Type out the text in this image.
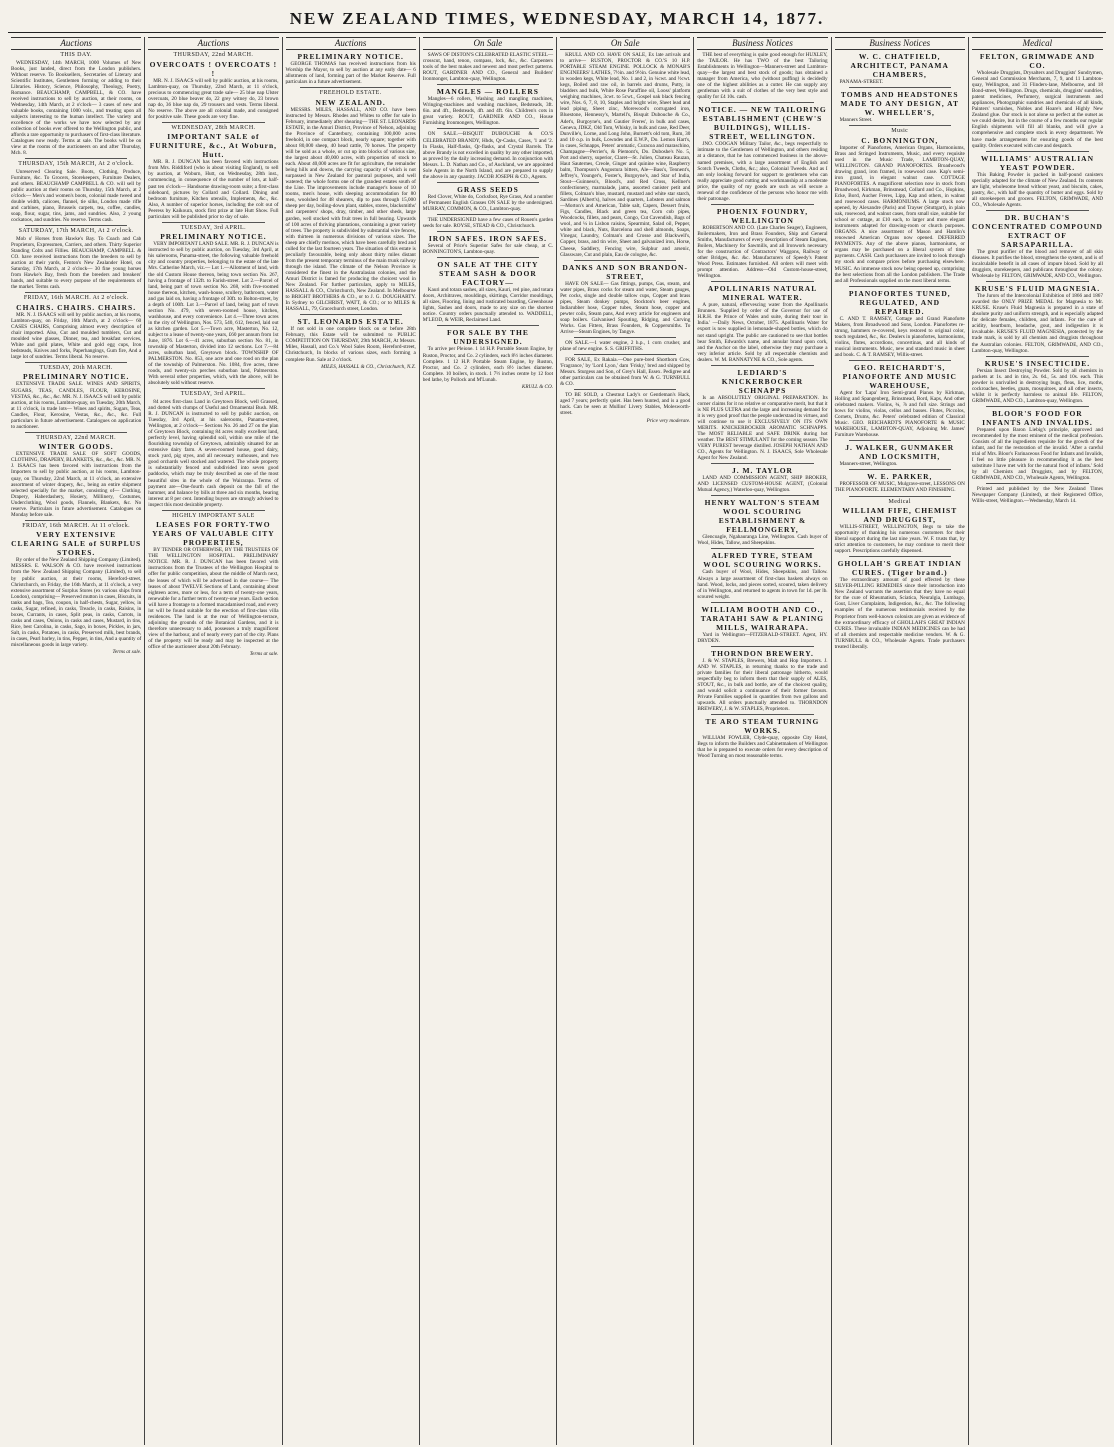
NEW ZEALAND TIMES, WEDNESDAY, MARCH 14, 1877.
Auctions
THIS DAY.

WEDNESDAY, 14th MARCH, 1000 Volumes of New Books, just landed, direct from the London publishers. Without reserve. To Booksellers, Secretaries of Literary and Scientific Institutes, Gentlemen forming or adding to their Libraries. History, Science, Philosophy, Theology, Poetry, Romance. BEAUCHAMP, CAMPBELL, & CO. have received instructions to sell by auction, at their rooms, on Wednesday, 14th March, at 2 o'clock— 3 cases of new and valuable books, containing 1000 vols., and treating upon all subjects interesting to the human intellect. The variety and excellence of the works we have now selected by any collection of books ever offered to the Wellington public, and affords a rare opportunity to purchasers of first-class literature. Catalogues now ready. Terms at sale. The books will be on view at the rooms of the auctioneers on and after Thursday, Mch. 8.

THURSDAY, 15th MARCH, At 2 o'clock.

Unreserved Clearing Sale. Boots, Clothing, Produce, Furniture, &c. To Grocers, Storekeepers, Furniture Dealers, and others. BEAUCHAMP CAMPBELL & CO. will sell by public auction at their rooms on Thursday, 15th March, at 2 o'clock— Men's and women's boots, colonial made tweed and double width, calicoes, flannel, tie silks, London made rifle and carbines, piano, Brussels carpets, tea, coffee, candles, soap, flour, sugar, tins, jams, and sundries. Also, 2 young cockatoos, and sundries. No reserve. Terms cash.

SATURDAY, 17th MARCH, At 2 o'clock.

Mob o' Horses from Hawke's Bay. To Coach and Cab Proprietors, Expressmen, Carriers, and others. Thirty Superior Standing Colts and Fillies. BEAUCHAMP, CAMPBELL & CO. have received instructions from the breeders to sell by auction at their yards, Fenton's New Zealander Hotel, on Saturday, 17th March, at 2 o'clock— 30 fine young horses from Hawke's Bay, fresh from the breeders and breakers' hands, and suitable to every purpose of the requirements of the market. Terms cash.

FRIDAY, 16th MARCH. At 2 o'clock.
CHAIRS. CHAIRS. CHAIRS.

MR. N. J. ISAACS will sell by public auction, at his rooms, Lambton-quay, on Friday, 16th March, at 2 o'clock— 60 CASES CHAIRS, Comprising almost every description of chair imported. Also, Cut and moulded tumblers, Cut and moulded wine glasses, Dinner, tea, and breakfast services, White and gold plates, White and gold egg cups, Iron bedsteads, Knives and forks, Paperhangings, Gum fire, And a large lot of sundries. Terms liberal. No reserve.

TUESDAY, 20th MARCH.
PRELIMINARY NOTICE.

EXTENSIVE TRADE SALE. WINES AND SPIRITS, SUGARS, TEAS, CANDLES, FLOUR, KEROSINE, VESTAS, &c., &c., &c. MR. N. J. ISAACS will sell by public auction, at his rooms, Lambton-quay, on Tuesday, 20th March, at 11 o'clock, in trade lots— Wines and spirits, Sugars, Teas, Candles, Flour, Kerosine, Vestas, &c., &c., &c. Full particulars in future advertisement. Catalogues on application to auctioneer.

THURSDAY, 22nd MARCH.
WINTER GOODS.

EXTENSIVE TRADE SALE OF SOFT GOODS, CLOTHING, DRAPERY, BLANKETS, &c., &c., &c. MR. N. J. ISAACS has been favored with instructions from the Importers to sell by public auction, at his rooms, Lambton-quay, on Thursday, 22nd March, at 11 o'clock, an extensive assortment of winter drapery, &c., being an entire shipment selected specially for the market, consisting of— Clothing, Drapery, Haberdashery, Hosiery, Millinery, Costumes, Underclothing, Wool goods, Flannels, Blankets, &c. No reserve. Particulars in future advertisement. Catalogues on Monday before sale.

FRIDAY, 16th MARCH. At 11 o'clock.
VERY EXTENSIVE CLEARING SALE of SURPLUS STORES.

By order of the New Zealand Shipping Company (Limited). MESSRS. E. WALSON & CO. have received instructions from the New Zealand Shipping Company (Limited), to sell by public auction, at their rooms, Hereford-street, Christchurch, on Friday, the 16th March, at 11 o'clock, a very extensive assortment of Surplus Stores (ex various ships from London), comprising— Preserved mutton in cases, Biscuits, in tanks and bags, Tea, coupon, in half-chests, Sugar, yellow, in casks, Sugar, refined, in casks, Treacle, in casks, Raisins, in boxes, Currants, in cases, Split peas, in casks, Carrots, in casks and cases, Onions, in casks and cases, Mustard, in tins, Rice, best Carolina, in casks, Sago, in boxes, Pickles, in jars, Salt, in casks, Potatoes, in casks, Preserved milk, best brands, in cases, Pearl barley, in tins, Pepper, in tins, And a quantity of miscellaneous goods in large variety.

Terms at sale.
Auctions
THURSDAY, 22nd MARCH.
OVERCOATS ! OVERCOATS ! !

MR. N. J. ISAACS will sell by public auction, at his rooms, Lambton-quay, on Thursday, 22nd March, at 11 o'clock, precious to commencing great trade sale— 25 blue nap Ulster overcoats, 20 blue beaver do, 22 grey witney do, 23 brown nap do, 36 blue nap do, 29 trousers and vests. Terms liberal. No reserve. The above are all colonial made, and consigned for positive sale. These goods are very fine.

WEDNESDAY, 28th MARCH.
IMPORTANT SALE of FURNITURE, &c., At Woburn, Hutt.

MR. R. J. DUNCAN has been favored with instructions from Mrs. Riddiford (who is about visiting England), to sell by auction, at Woburn, Hutt, on Wednesday, 28th inst., commencing, in consequence of the number of lots, at half-past ten o'clock— Handsome drawing-room suite; a first-class sideboard, pictures by Collard and Collard. Dining and bedroom furniture, Kitchen utensils, Implements, &c., &c. Also, A number of superior horses, including the colt out of Peeress by Kaikoura, stock first prize at late Hutt Show. Full particulars will be published prior to day of sale.

TUESDAY, 3rd APRIL.
PRELIMINARY NOTICE.

VERY IMPORTANT LAND SALE. MR. R. J. DUNCAN is instructed to sell by public auction, on Tuesday, 3rd April, at his salerooms, Panama-street, the following valuable freehold city and country properties, belonging to the estate of the late Mrs. Catherine March, viz.— Lot 1.—Allotment of land, with the old Custom House thereon, being town section No. 267, having a frontage of 132ft. to Farish-street. Lot 2.—Parcel of land, being part of town section No. 268, with five-roomed house thereon, kitchen, wash-house, scullery, bathroom, water and gas laid on, having a frontage of 30ft. to Bolton-street, by a depth of 100ft. Lot 3.—Parcel of land, being part of town section No. 479, with seven-roomed house, kitchen, washhouse, and every convenience. Lot 4.—Three town acres in the city of Wellington, Nos. 573, 540, 612, fenced, laid out as kitchen garden. Lot 5.—Town acre, Masterton, No. 12, subject to a lease of twenty-one years, £60 per annum from 1st June, 1876. Lot 6.—41 acres, suburban section No. 81, in township of Masterton, divided into 12 sections. Lot 7.—84 acres, suburban land, Greytown block. TOWNSHIP OF PALMERSTON. No. 853, one acre and one rood on the plan of the township of Palmerston. No. 1084, five acres, three roods, and twenty-six perches suburban land, Palmerston. With several other properties, which, with the above, will be absolutely sold without reserve.

TUESDAY, 3rd APRIL.

84 acres first-class Land in Greytown Block, well Grassed, and dotted with clumps of Useful and Ornamental Bush. MR. R. J. DUNCAN is instructed to sell by public auction, on Tuesday, 3rd April, at his salerooms, Panama-street, Wellington, at 2 o'clock— Sections No. 26 and 27 on the plan of Greytown Block, containing 84 acres really excellent land, perfectly level, having splendid soil, within one mile of the flourishing township of Greytown, admirably situated for an extensive dairy farm. A seven-roomed house, good dairy, stock yard, pig styes, and all necessary outhouses, and two good orchards well stocked and watered. The whole property is substantially fenced and subdivided into seven good paddocks, which may be truly described as one of the most beautiful sites in the whole of the Wairarapa. Terms of payment are—One-fourth cash deposit on the fall of the hammer, and balance by bills at three and six months, bearing interest at 8 per cent. Intending buyers are strongly advised to inspect this most desirable property.

HIGHLY IMPORTANT SALE
LEASES FOR FORTY-TWO YEARS OF VALUABLE CITY PROPERTIES,

BY TENDER OR OTHERWISE, BY THE TRUSTEES OF THE WELLINGTON HOSPITAL. PRELIMINARY NOTICE. MR. R. J. DUNCAN has been favored with instructions from the Trustees of the Wellington Hospital to offer for public competition, about the middle of March next, the leases of which will be advertised in due course— The leases of about TWELVE Sections of Land, containing about eighteen acres, more or less, for a term of twenty-one years, renewable for a further term of twenty-one years. Each section will have a frontage to a formed macadamised road, and every lot will be found suitable for the erection of first-class villa residences. The land is at the rear of Wellington-terrace, adjoining the grounds of the Botanical Gardens, and it is therefore unnecessary to add, possesses a truly magnificent view of the harbour, and of nearly every part of the city. Plans of the property will be ready and may be inspected at the office of the auctioneer about 20th February.

Terms at sale.
Auctions
PRELIMINARY NOTICE.

GEORGE THOMAS has received instructions from his Worship the Mayor, to sell by auction at any early date— 6 allotments of land, forming part of the Market Reserve. Full particulars in a future advertisement.

FREEHOLD ESTATE.
NEW ZEALAND.

MESSRS. MILES, HASSALL, AND CO. have been instructed by Messrs. Rhodes and Whites to offer for sale in February, immediately after shearing— THE ST. LEONARDS ESTATE, in the Amuri District, Province of Nelson, adjoining the Province of Canterbury, containing 100,000 acres freehold, in one compact block, nearly square; together with about 80,000 sheep, 40 head cattle, 70 horses. The property will be sold as a whole, or cut up into blocks of various size, the largest about 40,000 acres, with proportion of stock to each. About 40,000 acres are fit for agriculture, the remainder being hills and downs, the carrying capacity of which is not surpassed in New Zealand for pastoral purposes, and well watered; the whole forms one of the grandest estates south of the Line. The improvements include manager's house of 10 rooms, men's house, with sleeping accommodation for 80 men, woolshed for 48 shearers, dip to pass through 15,000 sheep per day, boiling-down plant, stables, stores, blacksmiths' and carpenters' shops, dray, timber, and other sheds, large garden, well stocked with fruit trees in full bearing. Upwards of 100 acres of thriving plantations, containing a great variety of trees. The property is subdivided by substantial wire fences, with thirteen in numerous divisions of various sizes. The sheep are chiefly merinos, which have been carefully bred and culled for the last fourteen years. The situation of this estate is peculiarly favourable, being only about thirty miles distant from the present temporary terminus of the main trunk railway through the island. The climate of the Nelson Province is considered the finest in the Australasian colonies, and the Amuri District is famed for producing the choicest wool in New Zealand. For further particulars, apply to MILES, HASSALL & CO., Christchurch, New Zealand. In Melbourne to BRIGHT BROTHERS & CO., or to J. G. DOUGHARTY. In Sydney to GILCHRIST, WATT, & CO.; or to MILES & HASSALL, 79, Gracechurch street, London.

ST. LEONARDS ESTATE.

If not sold in one complete block on or before 28th February, this Estate will be submitted to PUBLIC COMPETITION ON THURSDAY, 29th MARCH, At Messrs. Miles, Hassall, and Co.'s Wool Sales Room, Hereford-street, Christchurch, In blocks of various sizes, each forming a complete Run. Sale at 2 o'clock.

MILES, HASSALL & CO., Christchurch, N.Z.
On Sale

SAWS OF DISTON'S CELEBRATED ELASTIC STEEL—crosscut, hand, tenon, compass, lock, &c., &c. Carpenters tools of the best makes and newest and most perfect patterns. ROUT, GARDNER AND CO., General and Builders' Ironmonger, Lambton-quay, Wellington.

MANGLES — ROLLERS

Mangles—6 rollers, Washing and mangling machines, Wringing-machines and washing machines, Bedsteads, 3ft. 6in. and 4ft., Bedsteads, 4ft. and 4ft. 6in. Children's cots in great variety. ROUT, GARDNER AND CO., House Furnishing Ironmongers, Wellington.

ON SALE.—BISQUIT DUBOUCHE & CO.'S CELEBRATED BRANDY, Hhds, Qr-Casks, Cases, '1 and '2. In Flasks, Half-flasks, Qr-flasks, and Crystal Barrels. The above Brandy is not excelled in quality by any other imported, as proved by the daily increasing demand. In conjunction with Messrs. L. D. Nathan and Co., of Auckland, we are appointed Sole Agents in the North Island, and are prepared to supply the above in any quantity. JACOB JOSEPH & CO., Agents.

GRASS SEEDS

Red Clover, White do, Cocksfoot, Rye Grass, And a number of Permanent English Grasses ON SALE by the undersigned. MURRAY, COMMON, & CO., Lambton-quay.

THE UNDERSIGNED have a few cases of Rouen's garden seeds for sale. ROYSE, STEAD & CO., Christchurch.

IRON SAFES. IRON SAFES.

Several of Price's Superior Safes for sale cheap, at C. BONNINGTON'S, Lambton-quay.

ON SALE AT THE CITY STEAM SASH & DOOR FACTORY—

Kauri and totara sashes, all sizes, Kauri, red pine, and totara doors, Architraves, mouldings, skirtings, Corridor mouldings, all sizes, Flooring, lining and rusticated boarding, Greenhouse lights, Sashes and doors, made to any size on the shortest notice. Country orders punctually attended to. WADDELL, M'LEOD, & WEIR, Reclaimed Land.

FOR SALE BY THE UNDERSIGNED.

To arrive per Pleione. 1 14 H.P. Portable Steam Engine, by Ruston, Proctor, and Co. 2 cylinders, each 8½ inches diameter. Complete. 1 12 H.P. Portable Steam Engine, by Ruston, Proctor, and Co. 2 cylinders, each 8½ inches diameter. Complete. 10 boilers, in stock. 1 7½ inches centre by 12 foot bed lathe, by Pollock and M'Lunah.

KRULL & CO.
On Sale

KRULL AND CO. HAVE ON SALE, Ex late arrivals and to arrive— RUSTON, PROCTOR & CO.'S 10 H.P. PORTABLE STEAM ENGINE. POLLOCK & MONAB'S ENGINEERS' LATHES, 7½in. and 9½in. Genuine white lead, in wooden kegs, White lead, No. 1 and 2, in ¼cwt. and ½cwt. kegs, Boiled and raw oil, in barrels and drums, Putty, in bladders and bulk, White Rose Paraffine oil, Looss' platform weighing machines, 3cwt. to 5cwt., Gospel oak black fencing wire, Nos. 6, 7, 8, 10, Staples and bright wire, Sheet lead and lead piping, Sheet zinc, Morewood's corrugated iron, Bluestone, Hennessy's, Martell's, Bisquit Dubouche & Co., Adet's, Burgoyne's, and Gautier Freres', in bulk and cases, Geneva, JDKZ, Old Tom, Whisky, in bulk and case, Red Deer, Dunville's, Lorne, and Long John, Burnett's old tom, Rum, 30 and 10 o.p. in bulk, Lowndes and E.W.P., Do. Lemon Hart's, in cases, Schnapps, Peters' aromatic, Curacoa and maraschino, Champagne—Perrier's, & Piemont's, Do. Duboshe's No. 5, Port and sherry, superior, Claret—St. Julien, Chateau Rauzan, Haut Sauternes, Creole, Ginger and quinine wine, Raspberry balm, Thompson's Angostura bitters, Ale—Bass's, Tennent's, Jeffrey's, Younger's, Foster's, Burgoyne's, and Star of India, Stout—Guinness's, Blood's, and Red Cross, Kellner's confectionery, marmalade, jams, assorted canister petit and fillets, Colman's blue, mustard, mustard and white star starch, Sardines (Albert's), halves and quarters, Lobsters and salmon—Morton's and American, Table salt, Capers, Dessert fruits, Figs, Candles, Black and green tea, Corn cob pipes, Woodcocks, fillets, and pears, Congo, Cut Cavendish, Bags of wool, and ¼ in Lisbon raisins, Spearmint, Salad oil, Pepper, white and black, Nuts, Barcelona and shell almonds, Soaps, Vinegar, Laundry, Colman's and Crosse and Blackwell's, Copper, brass, and tin wire, Sheet and galvanized iron, Horse, Cheese, Saddlery, Fencing wire, Sulphur and arsenic, Glassware, Cut and plain, Eau de cologne, &c.

DANKS AND SON BRANDON-STREET,

HAVE ON SALE— Gas fittings, pumps, Gas, steam, and water pipes, Brass cocks for steam and water, Steam gauges, Pet cocks, single and double tallow cups, Copper and brass pipes, Steam donkey pumps, Stockton's beer engines, Indiarubber hose, Copper tubes, Steam hose, copper and pewter coils, Steam pans, And every article for engineers and soap boilers. Galvanised Spouting, Ridging, and Curving Works. Gas Fitters, Brass Founders, & Coppersmiths. To Arrive—Steam Engines, by Tangye.

ON SALE.—1 water engine, 2 h.p., 1 corn crusher, and plane of new engine. S. S. GRIFFITHS.

FOR SALE, Ex Rakaia.—One pure-bred Shorthorn Cow, 'Fragrance,' by 'Lord Lyon,' dam 'Frisky,' bred and shipped by Messrs. Sturgess and Son, of Grey's Hall, Essex. Pedigree and other particulars can be obtained from W. & G. TURNBULL & CO.

TO BE SOLD, a Chestnut Lady's or Gentleman's Hack, aged 7 years; perfectly quiet. Has been hunted, and is a good hack. Can be seen at Mullins' Livery Stables, Molesworth-street.

Price very moderate.
Business Notices

THE best of everything is quite good enough for HUXLEY, the TAILOR. He has TWO of the best Tailoring Establishments in Wellington—Manners-street and Lambton-quay—the largest and best stock of goods; has obtained a manager from America, who (without puffing) is decidedly one of the highest abilities as a cutter. He can supply any gentleman with a suit of clothes of the very best style and quality for £4 10s. cash.

NOTICE. — NEW TAILORING ESTABLISHMENT (CHEW'S BUILDINGS), WILLIS-STREET, WELLINGTON.

JNO. COOGAN Military Tailor, &c., begs respectfully to intimate to the Gentlemen of Wellington, and others residing at a distance, that he has commenced business in the above-named premises, with a large assortment of English and Scotch Tweeds, Cloths, &c.; also, Colonial Tweeds. And as I am only looking forward for support to gentlemen who can really appreciate good cutting and workmanship at a moderate price, the quality of my goods are such as will secure a renewal of the confidence of the persons who honor me with their patronage.

PHOENIX FOUNDRY, WELLINGTON

ROBERTSON AND CO. (Late Charles Seager), Engineers, Boilermakers, Iron and Brass Founders, Ship and General Smiths, Manufacturers of every description of Steam Engines, Boilers, Machinery for Sawmills, and all Ironwork necessary for the construction of Contractors' Waggons, Railway or other Bridges, &c. &c. Manufacturers of Speedy's Patent Wood Press. Estimates furnished. All orders will meet with prompt attention. Address—Old Custom-house-street, Wellington.

APOLLINARIS NATURAL MINERAL WATER.

A pure, natural, effervescing water from the Apollinaris Brunnen. 'Supplied by order of the Governor for use of H.R.H. the Prince of Wales and suite, during their tour in India.' —Daily News, October, 1875. Apollinaris Water for export is now supplied in lemonade-shaped bottles, which do not stand upright. The public are cautioned to see that bottles bear Smith, Edwards's name, and annular brand upon cork, and the Anchor on the label, otherwise they may purchase a very inferior article. Sold by all respectable chemists and dealers. W. M. BANNATYNE & CO., Sole agents.

LEDIARD'S KNICKERBOCKER SCHNAPPS

Is an ABSOLUTELY ORIGINAL PREPARATION. Its corner claims for it no relative or comparative merit, but that it is NE PLUS ULTRA and the large and increasing demand for it is very good proof that the people understand its virtues, and will continue to use it EXCLUSIVELY ON ITS OWN MERITS. KNICKERBOCKER AROMATIC SCHNAPPS. The MOST RELIABLE and SAFE DRINK during hot weather. The BEST STIMULANT for the coming season. The VERY PUREST beverage distilled. JOSEPH NATHAN AND CO., Agents for Wellington. N. J. ISAACS, Sole Wholesale Agent for New Zealand.

J. M. TAYLOR

LAND AND COMMISSION AGENT, SHIP BROKER, AND LICENSED CUSTOM-HOUSE AGENT, (Colonial Mutual Agency,) Waterloo-quay, Wellington.

HENRY WALTON'S STEAM WOOL SCOURING ESTABLISHMENT & FELLMONGERY,

Glencoagle, Ngahauranga Line, Wellington. Cash buyer of Wool, Hides, Tallow, and Sheepskins.

ALFRED TYRE, STEAM WOOL SCOURING WORKS.

Cash buyer of Wool, Hides, Sheepskins, and Tallow. Always a large assortment of first-class baskets always on hand. Wood, locks, and pieces sorted, scoured, taken delivery of in Wellington, and returned to agents in town for 1d. per lb. scoured weight.

WILLIAM BOOTH AND CO., TARATAHI SAW & PLANING MILLS, WAIRARAPA.

Yard in Wellington—FITZERALD-STREET. Agent, HY. DRYDEN.

THORNDON BREWERY.

J. & W. STAPLES, Brewers, Malt and Hop Importers. J. AND W. STAPLES, in returning thanks to the trade and private families for their liberal patronage hitherto, would respectfully beg to inform them that their supply of ALES, STOUT, &c., in bulk and bottle, are of the choicest quality, and would solicit a continuance of their former favours. Private Families supplied in quantities from two gallons and upwards. All orders punctually attended to. THORNDON BREWERY, J. & W. STAPLES, Proprietors.

TE ARO STEAM TURNING WORKS.

WILLIAM FOWLER, Clyde-quay, opposite City Hotel, Begs to inform the Builders and Cabinetmakers of Wellington that he is prepared to execute orders for every description of Wood Turning on most reasonable terms.

Business Notices
W. C. CHATFIELD, ARCHITECT, PANAMA CHAMBERS,

PANAMA-STREET.

TOMBS AND HEADSTONES MADE TO ANY DESIGN, AT W. WHELLER'S,

Manners Street.

Music
C. BONNINGTON,

Importer of Pianofortes, American Organs, Harmoniums, Brass and Stringed Instruments, Music, and every requisite used in the Music Trade, LAMBTON-QUAY, WELLINGTON. GRAND PIANOFORTES. Broadwood's drawing grand, iron framed, in rosewood case. Kap's semi-iron grand, in elegant walnut case. COTTAGE PIANOFORTES. A magnificent selection now in stock from Broadwood, Kirkman, Brinsmead, Collard and Co., Hopkins, Ecke, Bord, Aucher Freres, Lipp, Kap and others, in walnut and rosewood cases. HARMONIUMS. A large stock now opened, by Alexandre (Paris) and Trayser (Stuttgart), in plain oak, rosewood, and walnut cases, from small size, suitable for school or cottage, at £10 each, to larger and more elegant instruments adapted for drawing-room or church purposes. ORGANS. A nice assortment of Mason and Hamlin's renowned American Organs now opened. DEFERRED PAYMENTS. Any of the above pianos, harmoniums, or organs may be purchased on a liberal system of time payments. CASH. Cash purchasers are invited to look through my stock and compare prices before purchasing elsewhere. MUSIC. An immense stock now being opened up, comprising the best selections from all the London publishers. The Trade and all Professionals supplied on the most liberal terms.

PIANOFORTES TUNED, REGULATED, AND REPAIRED.

C. AND T. RAMSEY, Cottage and Grand Pianoforte Makers, from Broadwood and Sons, London. Pianofortes re-strung, hammers re-covered, keys restored to original color, touch regulated, &c., &c. Dealers in pianofortes, harmoniums, violins, flutes, accordions, concertinas, and all kinds of musical instruments. Music, new and standard music in sheet and book. C. & T. RAMSEY, Willis-street.

GEO. REICHARDT'S, PIANOFORTE AND MUSIC WAREHOUSE,

Agent for 'Lapa' Iron Semi-grand Pianos by Kirkman, Holling and Spangenberg, Brinsmead, Bord, Kaps, And other celebrated makers. Violins, ¾, ⅞ and full size. Strings and bows for violins, violas, cellos and basses. Flutes, Piccolos, Cornets, Drums, &c. Peters' celebrated edition of Classical Music. GEO. REICHARDT'S PIANOFORTE & MUSIC WAREHOUSE, LAMBTON-QUAY, Adjoining Mr. James' Furniture Warehouse.

J. WALKER, GUNMAKER AND LOCKSMITH,

Manners-street, Wellington.

W. E. PARKER,

PROFESSOR OF MUSIC, Mulgrave-street, LESSONS ON THE PIANOFORTE. ELEMENTARY AND FINISHING.

Medical
WILLIAM FIFE, CHEMIST AND DRUGGIST,

WILLIS-STREET, WELLINGTON, Begs to take the opportunity of thanking his numerous customers for their liberal support during the last nine years. W. F. trusts that, by strict attention to customers, he may continue to merit their support. Prescriptions carefully dispensed.

GHOLLAH'S GREAT INDIAN CURES. (Tiger brand.)

The extraordinary amount of good effected by these SILVER-PILLING REMEDIES since their introduction into New Zealand warrants the assertion that they have no equal for the cure of Rheumatism, Sciatica, Neuralgia, Lumbago, Gout, Liver Complaints, Indigestion, &c., &c. The following examples of the numerous testimonials received by the Proprietor from well-known colonists are given as evidence of the extraordinary efficacy of GHOLLAH'S GREAT INDIAN CURES. These invaluable INDIAN MEDICINES can be had of all chemists and respectable medicine vendors. W. & G. TURNBULL & CO., Wholesale Agents. Trade purchasers treated liberally.

Medical
FELTON, GRIMWADE AND CO.

Wholesale Druggists, Drysalters and Druggists' Sundrymen, General and Commission Merchants, 7, 9, and 11 Lambton-quay, Wellington, and 31 Flinders-lane, Melbourne, and 18 Bond-street, Wellington. Drugs, chemicals, druggists' sundries, patent medicines, Perfumery, surgical instruments and appliances, Photographic sundries and chemicals of all kinds, Painters' varnishes, Nobles and Hoare's and Highly New Zealand glue. Our stock is not alone so perfect at the outset as we could desire, but in the course of a few months our regular English shipments will fill all blanks, and will give a comprehensive and complete stock in every department. We have made arrangements for ensuring goods of the best quality. Orders executed with care and despatch.

WILLIAMS' AUSTRALIAN YEAST POWDER.

This Baking Powder is packed in half-pound canisters specially adapted for the climate of New Zealand. Its contents are light, wholesome bread without yeast, and biscuits, cakes, pastry, &c., with half the quantity of butter and eggs. Sold by all storekeepers and grocers. FELTON, GRIMWADE, AND CO., Wholesale Agents.

DR. BUCHAN'S CONCENTRATED COMPOUND EXTRACT OF SARSAPARILLA.

The great purifier of the blood and remover of all skin diseases. It purifies the blood, strengthens the system, and is of incalculable benefit in all cases of impure blood. Sold by all druggists, storekeepers, and publicans throughout the colony. Wholesale by FELTON, GRIMWADE, AND CO., Wellington.

KRUSE'S FLUID MAGNESIA.

The Jurors of the Intercolonial Exhibition of 1866 and 1867 awarded the ONLY PRIZE MEDAL for Magnesia to Mr. KRUSE. Kruse's Fluid Magnesia is prepared in a state of absolute purity and uniform strength, and is especially adapted for delicate females, children, and infants. For the cure of acidity, heartburn, headache, gout, and indigestion it is invaluable. KRUSE'S FLUID MAGNESIA, protected by the trade mark, is sold by all chemists and druggists throughout the Australian colonies. FELTON, GRIMWADE, AND CO., Lambton-quay, Wellington.

KRUSE'S INSECTICIDE.

Persian Insect Destroying Powder. Sold by all chemists in packets at 1s. and in tins, 2s. 6d., 5s. and 10s. each. This powder is unrivalled in destroying bugs, fleas, lice, moths, cockroaches, beetles, gnats, mosquitoes, and all other insects, whilst it is perfectly harmless to animal life. FELTON, GRIMWADE, AND CO., Lambton-quay, Wellington.

BLOOR'S FOOD FOR INFANTS AND INVALIDS.

Prepared upon Baron Liebig's principle, approved and recommended by the most eminent of the medical profession. Consists of all the ingredients requisite for the growth of the infant, and for the restoration of the invalid. 'After a careful trial of Mrs. Bloor's Farinaceous Food for Infants and Invalids, I feel no little pleasure in recommending it as the best substitute I have met with for the natural food of infants.' Sold by all Chemists and Druggists, and by FELTON, GRIMWADE, AND CO., Wholesale Agents, Wellington.

Printed and published by the New Zealand Times Newspaper Company (Limited), at their Registered Office, Willis-street, Wellington.—Wednesday, March 14.
